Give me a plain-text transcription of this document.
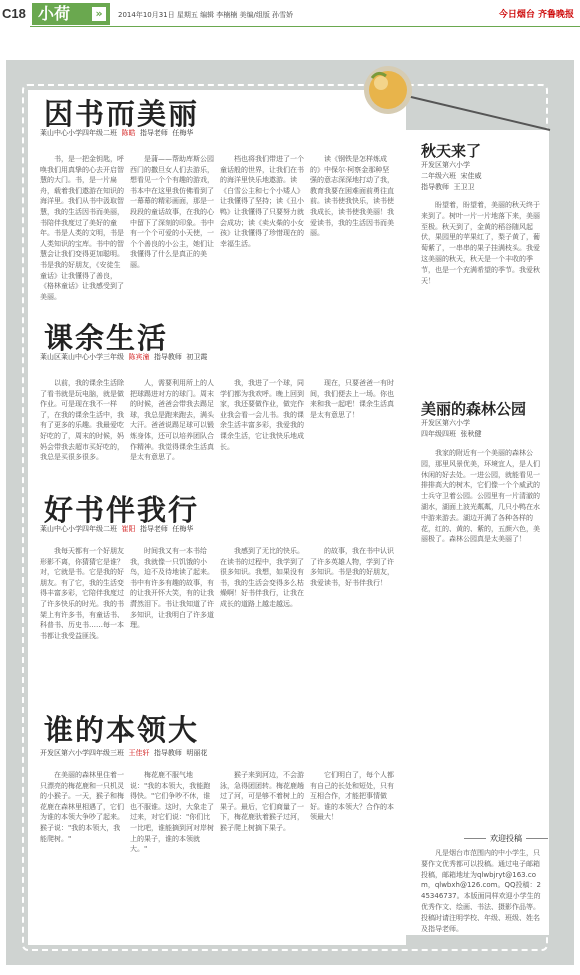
C18 小荷	»	2014年10月31日 星期五 编辑 李楠楠 美编/组版 孙雪娇	今日烟台 齐鲁晚报
因书而美丽
莱山中心小学四年级二班 陈皓 指导老师 任梅华
书，是一把金钥匙，呼唤我们用真挚的心去开启智慧的大门。书，是一片扁舟，载着我们遨游在知识的海洋里。我们从书中汲取智慧，我的生活因书而美丽，书陪伴我度过了美好的童年。书是人类的文明，书是人类知识的宝库。书中的智慧会让我们变得更加聪明。书是我的好朋友，《安徒生童话》让我懂得了善良，《格林童话》让我感受到了美丽。
是蒲——帮助库斯公园西门的撒旦女人们去游乐，想看见一个个有趣的游戏，书本中在这里我仿佛看到了一幕幕的精彩画面，那是一段段的童话故事，在我的心中留下了深刻的印象。书中有一个个可爱的小天使，一个个善良的小公主，她们让我懂得了什么是真正的美丽。
档也将我们带进了一个童话般的世界，让我们在书的海洋里快乐地遨游。读《白雪公主和七个小矮人》让我懂得了坚持；读《丑小鸭》让我懂得了只要努力就会成功；读《卖火柴的小女孩》让我懂得了珍惜现在的幸福生活。
读《钢铁是怎样炼成的》中保尔·柯察金那种坚强的意志深深地打动了我，教育我要在困难面前勇往直前。读书使我快乐，读书使我成长，读书使我美丽！我爱读书，我的生活因书而美丽。
课余生活
莱山区莱山中心小学三年级 陈宾潼 指导教师 初卫霞
以前，我的课余生活除了看书就是玩电脑，就是做作业。可是现在我不一样了，在我的课余生活中，我有了更多的乐趣。我最爱吃好吃的了，周末的时候，妈妈会带我去超市买好吃的，我总是买很多很多。
人，需要利用所上的人把球踢进对方的球门。周末的时候，爸爸会带我去踢足球，我总是跑来跑去，满头大汗。爸爸说踢足球可以锻炼身体，还可以培养团队合作精神。我觉得课余生活真是太有意思了。
我，我进了一个球，同学们都为我欢呼。晚上回到家，我还要做作业，做完作业我会看一会儿书。我的课余生活丰富多彩，我爱我的课余生活，它让我快乐地成长。
现在，只要爸爸一有时间，我们便去上一场。你也来和我一起吧！课余生活真是太有意思了！
好书伴我行
莱山中心小学四年级二班 崔阳 指导老师 任梅华
我每天都有一个好朋友形影不离，你猜猜它是谁？对，它就是书。它是我的好朋友。有了它，我的生活变得丰富多彩，它陪伴我度过了许多快乐的时光。我的书架上有许多书，有童话书、科普书、历史书……每一本书都让我受益匪浅。
时间我又有一本书给我，我就像一只饥饿的小鸟，迫不及待地读了起来。书中有许多有趣的故事，有的让我开怀大笑，有的让我潸然泪下。书让我知道了许多知识，让我明白了许多道理。
我感到了无比的快乐。在读书的过程中，我学到了很多知识。我想，如果没有书，我的生活会变得多么枯燥啊！好书伴我行，让我在成长的道路上越走越远。
的故事，我在书中认识了许多英雄人物，学到了许多知识。书是我的好朋友，我爱读书，好书伴我行！
谁的本领大
开发区第六小学四年级三班 王佳轩 指导教师 明丽花
在美丽的森林里住着一只漂亮的梅花鹿和一只机灵的小猴子。一天，猴子和梅花鹿在森林里相遇了，它们为谁的本领大争吵了起来。猴子说："我的本领大，我能爬树。"
梅花鹿不服气地说："我的本领大，我能跑得快。"它们争吵不休，谁也不服谁。这时，大象走了过来，对它们说："你们比一比吧，谁能摘到河对岸树上的果子，谁的本领就大。"
猴子来到河边，不会游泳，急得团团转。梅花鹿趟过了河，可是够不着树上的果子。最后，它们商量了一下，梅花鹿驮着猴子过河，猴子爬上树摘下果子。
它们明白了，每个人都有自己的长处和短处，只有互相合作，才能把事情做好。谁的本领大？合作的本领最大！
秋天来了
开发区第六小学
二年级六班 宋佳威
指导教师 王卫卫
盼望着，盼望着，美丽的秋天终于来到了。树叶一片一片地落下来，美丽至极。秋天到了，金黄的稻谷随风起伏，果园里的苹果红了，梨子黄了，葡萄紫了，一串串的果子挂满枝头。我爱这美丽的秋天，秋天是一个丰收的季节，也是一个充满希望的季节。我爱秋天！
美丽的森林公园
开发区第六小学
四年级四班 张秋健
我家的附近有一个美丽的森林公园，那里风景优美，环境宜人，是人们休闲的好去处。一进公园，就能看见一排排高大的树木，它们像一个个威武的士兵守卫着公园。公园里有一片清澈的湖水，湖面上波光粼粼，几只小鸭在水中游来游去。湖边开满了各种各样的花，红的、黄的、紫的，五颜六色，美丽极了。森林公园真是太美丽了！
欢迎投稿
凡是烟台市范围内的中小学生，只要作文优秀都可以投稿。通过电子邮箱投稿，邮箱地址为qlwbjryt@163.com，qlwbxh@126.com。QQ投稿：245346737。本版面同样欢迎小学生的优秀作文、绘画、书法、摄影作品等。投稿时请注明学校、年级、班级、姓名及指导老师。
